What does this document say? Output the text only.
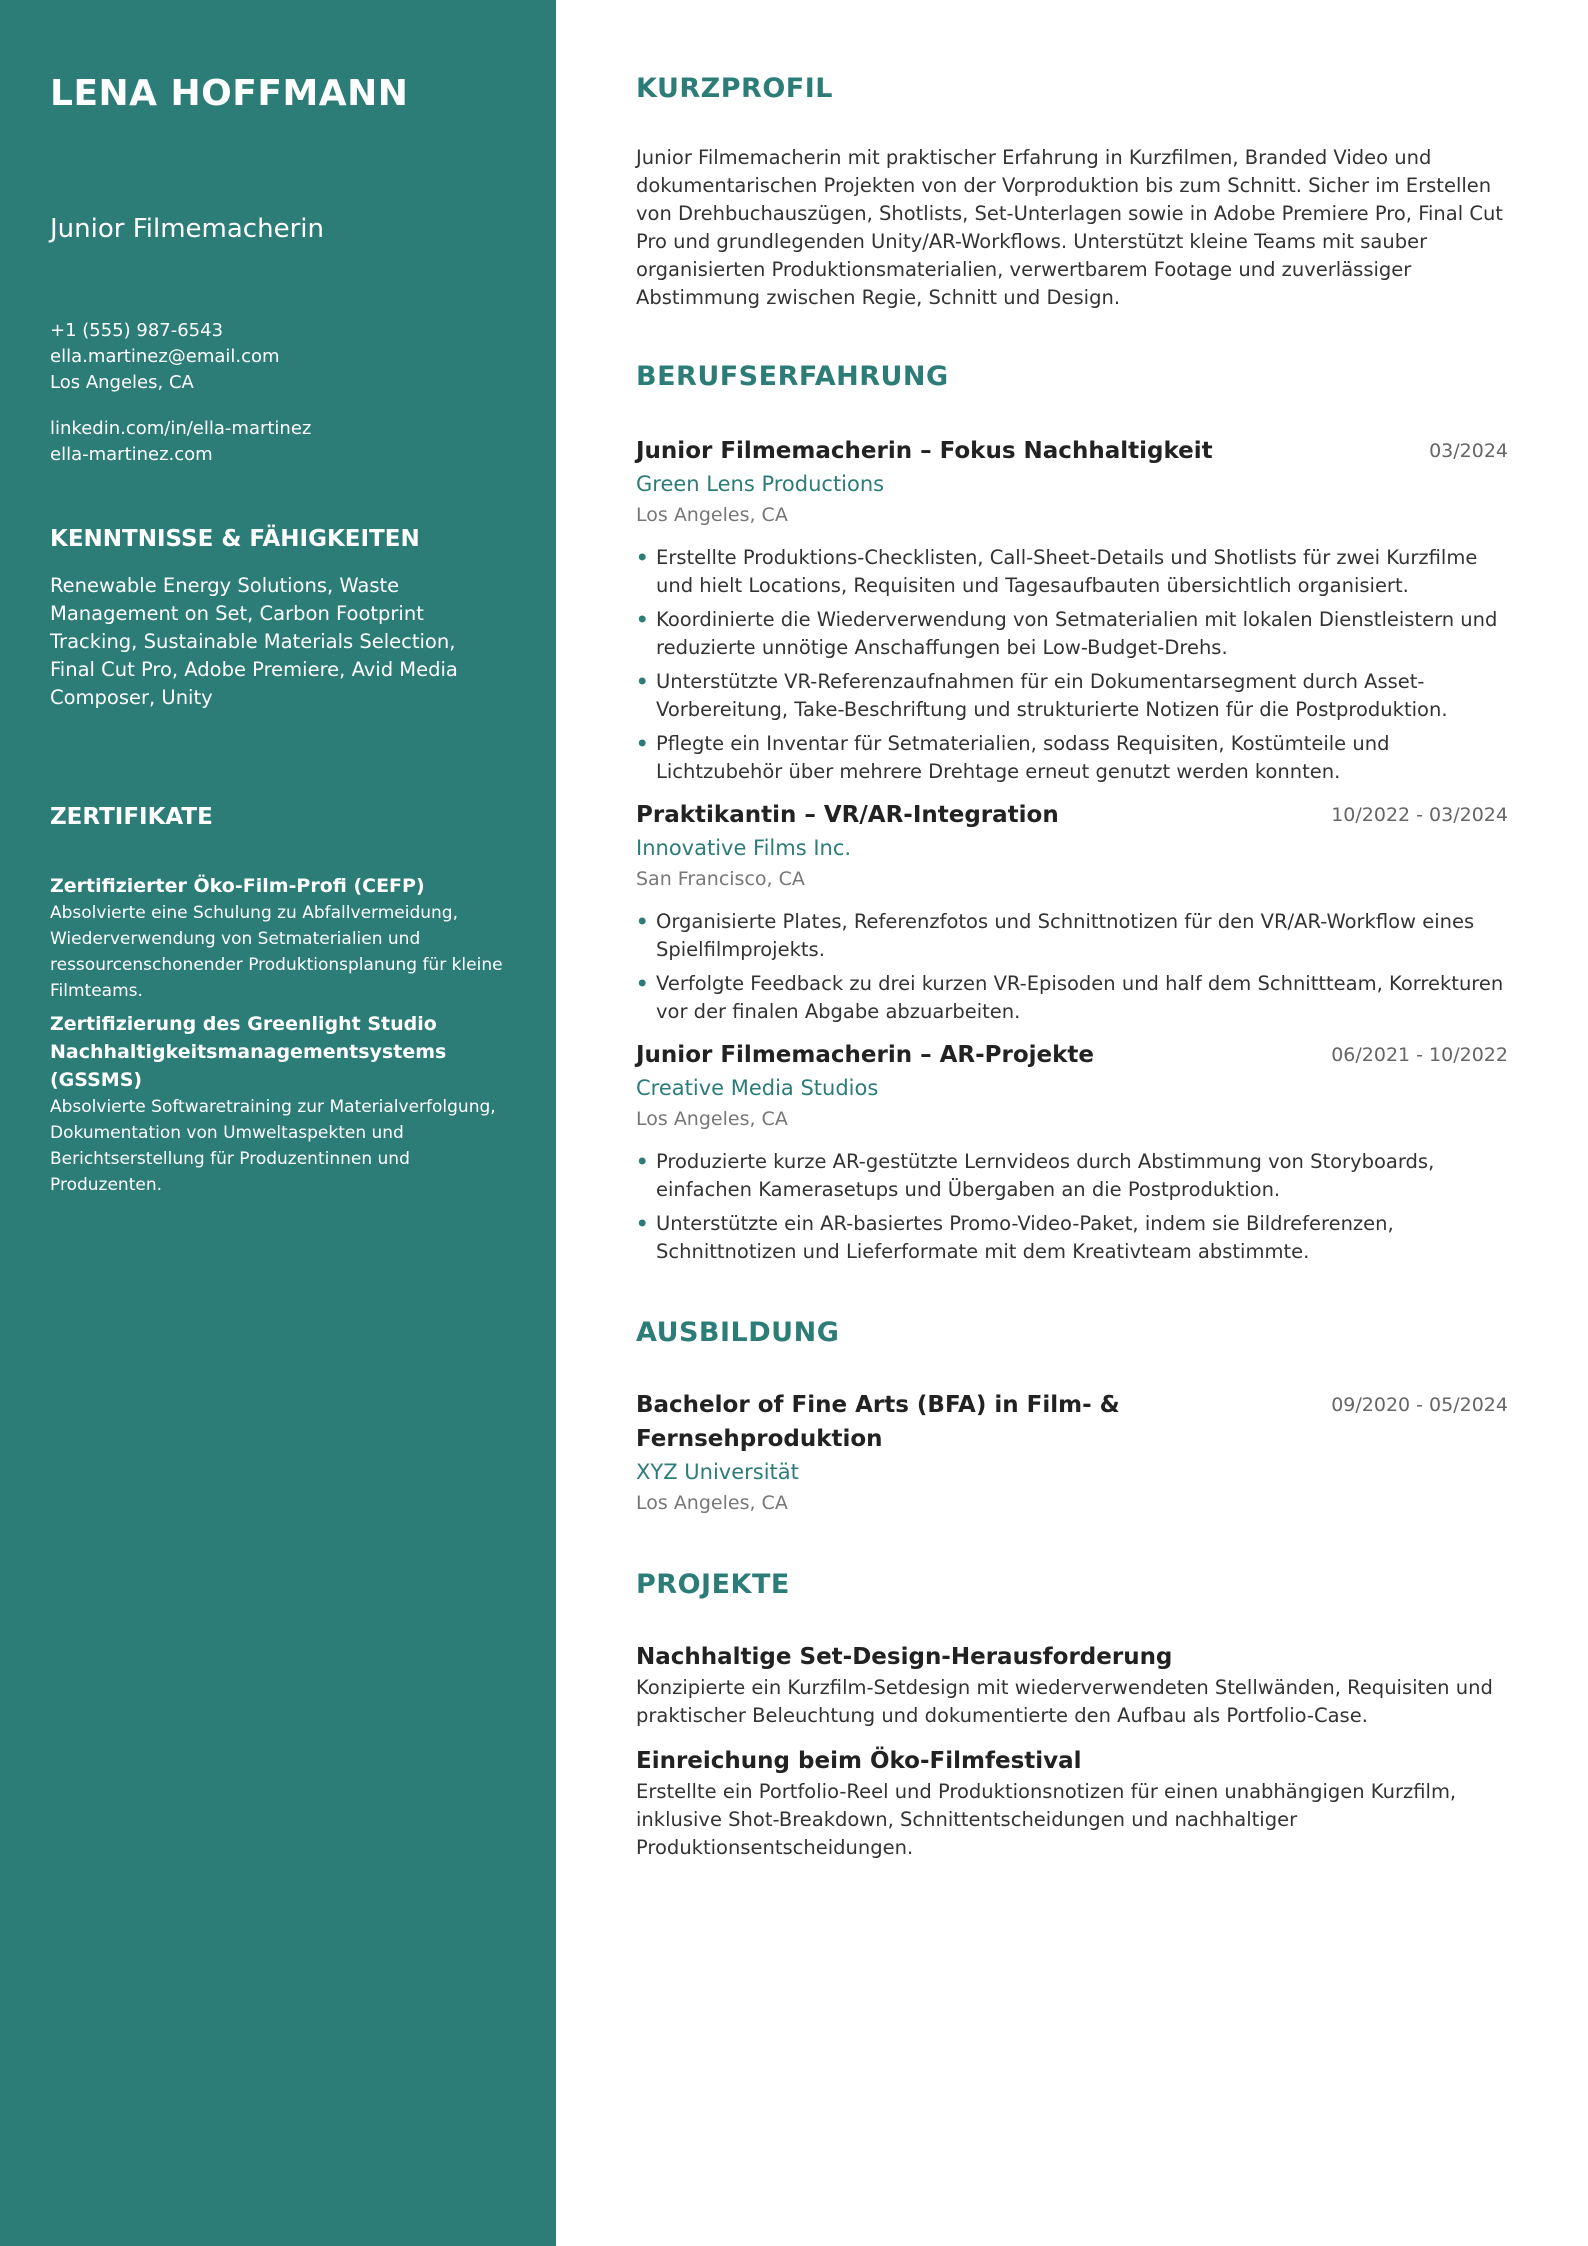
LENA HOFFMANN
Junior Filmemacherin
+1 (555) 987-6543
ella.martinez@email.com
Los Angeles, CA
linkedin.com/in/ella-martinez
ella-martinez.com
KENNTNISSE & FÄHIGKEITEN
Renewable Energy Solutions, Waste Management on Set, Carbon Footprint Tracking, Sustainable Materials Selection, Final Cut Pro, Adobe Premiere, Avid Media Composer, Unity
ZERTIFIKATE
Zertifizierter Öko-Film-Profi (CEFP)
Absolvierte eine Schulung zu Abfallvermeidung, Wiederverwendung von Setmaterialien und ressourcenschonender Produktionsplanung für kleine Filmteams.
Zertifizierung des Greenlight Studio Nachhaltigkeitsmanagementsystems (GSSMS)
Absolvierte Softwaretraining zur Materialverfolgung, Dokumentation von Umweltaspekten und Berichtserstellung für Produzentinnen und Produzenten.
KURZPROFIL
Junior Filmemacherin mit praktischer Erfahrung in Kurzfilmen, Branded Video und dokumentarischen Projekten von der Vorproduktion bis zum Schnitt. Sicher im Erstellen von Drehbuchauszügen, Shotlists, Set-Unterlagen sowie in Adobe Premiere Pro, Final Cut Pro und grundlegenden Unity/AR-Workflows. Unterstützt kleine Teams mit sauber organisierten Produktionsmaterialien, verwertbarem Footage und zuverlässiger Abstimmung zwischen Regie, Schnitt und Design.
BERUFSERFAHRUNG
Junior Filmemacherin – Fokus Nachhaltigkeit	03/2024
Green Lens Productions
Los Angeles, CA
• Erstellte Produktions-Checklisten, Call-Sheet-Details und Shotlists für zwei Kurzfilme und hielt Locations, Requisiten und Tagesaufbauten übersichtlich organisiert.
• Koordinierte die Wiederverwendung von Setmaterialien mit lokalen Dienstleistern und reduzierte unnötige Anschaffungen bei Low-Budget-Drehs.
• Unterstützte VR-Referenzaufnahmen für ein Dokumentarsegment durch Asset-Vorbereitung, Take-Beschriftung und strukturierte Notizen für die Postproduktion.
• Pflegte ein Inventar für Setmaterialien, sodass Requisiten, Kostümteile und Lichtzubehör über mehrere Drehtage erneut genutzt werden konnten.
Praktikantin – VR/AR-Integration	10/2022 - 03/2024
Innovative Films Inc.
San Francisco, CA
• Organisierte Plates, Referenzfotos und Schnittnotizen für den VR/AR-Workflow eines Spielfilmprojekts.
• Verfolgte Feedback zu drei kurzen VR-Episoden und half dem Schnittteam, Korrekturen vor der finalen Abgabe abzuarbeiten.
Junior Filmemacherin – AR-Projekte	06/2021 - 10/2022
Creative Media Studios
Los Angeles, CA
• Produzierte kurze AR-gestützte Lernvideos durch Abstimmung von Storyboards, einfachen Kamerasetups und Übergaben an die Postproduktion.
• Unterstützte ein AR-basiertes Promo-Video-Paket, indem sie Bildreferenzen, Schnittnotizen und Lieferformate mit dem Kreativteam abstimmte.
AUSBILDUNG
Bachelor of Fine Arts (BFA) in Film- & Fernsehproduktion
09/2020 - 05/2024
XYZ Universität
Los Angeles, CA
PROJEKTE
Nachhaltige Set-Design-Herausforderung
Konzipierte ein Kurzfilm-Setdesign mit wiederverwendeten Stellwänden, Requisiten und praktischer Beleuchtung und dokumentierte den Aufbau als Portfolio-Case.
Einreichung beim Öko-Filmfestival
Erstellte ein Portfolio-Reel und Produktionsnotizen für einen unabhängigen Kurzfilm, inklusive Shot-Breakdown, Schnittentscheidungen und nachhaltiger Produktionsentscheidungen.
